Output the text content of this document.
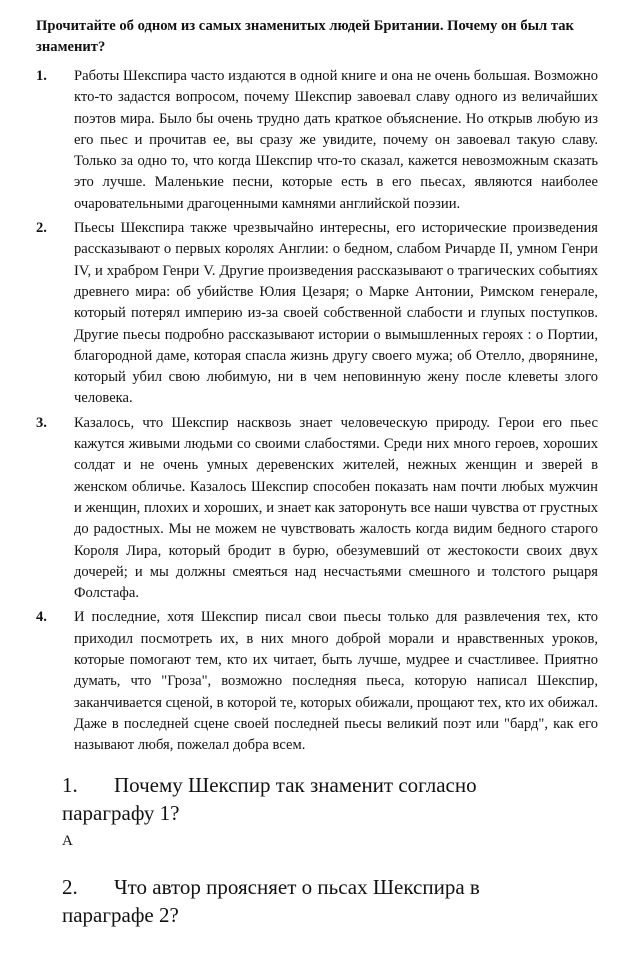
Прочитайте об одном из самых знаменитых людей Британии. Почему он был так знаменит?

1.	Работы Шекспира часто издаются в одной книге и она не очень большая. Возможно кто-то задастся вопросом, почему Шекспир завоевал славу одного из величайших поэтов мира. Было бы очень трудно дать краткое объяснение. Но открыв любую из его пьес и прочитав ее, вы сразу же увидите, почему он завоевал такую славу. Только за одно то, что когда Шекспир что-то сказал, кажется невозможным сказать это лучше. Маленькие песни, которые есть в его пьесах, являются наиболее очаровательными драгоценными камнями английской поэзии.
2.	Пьесы Шекспира также чрезвычайно интересны, его исторические произведения рассказывают о первых королях Англии: о бедном, слабом Ричарде II, умном Генри IV, и храбром Генри V. Другие произведения рассказывают о трагических событиях древнего мира: об убийстве Юлия Цезаря; о Марке Антонии, Римском генерале, который потерял империю из-за своей собственной слабости и глупых поступков. Другие пьесы подробно рассказывают истории о вымышленных героях : о Портии, благородной даме, которая спасла жизнь другу своего мужа; об Отелло, дворянине, который убил свою любимую, ни в чем неповинную жену после клеветы злого человека.
3.	Казалось, что Шекспир насквозь знает человеческую природу. Герои его пьес кажутся живыми людьми со своими слабостями. Среди них много героев, хороших солдат и не очень умных деревенских жителей, нежных женщин и зверей в женском обличье. Казалось Шекспир способен показать нам почти любых мужчин и женщин, плохих и хороших, и знает как затоpонуть все наши чувства от грустных до радостных. Мы не можем не чувствовать жалость когда видим бедного старого Короля Лира, который бродит в бурю, обезумевший от жестокости своих двух дочерей; и мы должны смеяться над несчастьями смешного и толстого рыцаря Фолстафа.
4.	И последние, хотя Шекспир писал свои пьесы только для развлечения тех, кто приходил посмотреть их, в них много доброй морали и нравственных уроков, которые помогают тем, кто их читает, быть лучше, мудрее и счастливее. Приятно думать, что "Гроза", возможно последняя пьеса, которую написал Шекспир, заканчивается сценой, в которой те, которых обижали, прощают тех, кто их обижал. Даже в последней сцене своей последней пьесы великий поэт или "бард", как его называют любя, пожелал добра всем.
1. Почему Шекспир так знаменит согласно параграфу 1?
А
2. Что автор проясняет о пьсах Шекспира в параграфе 2?
